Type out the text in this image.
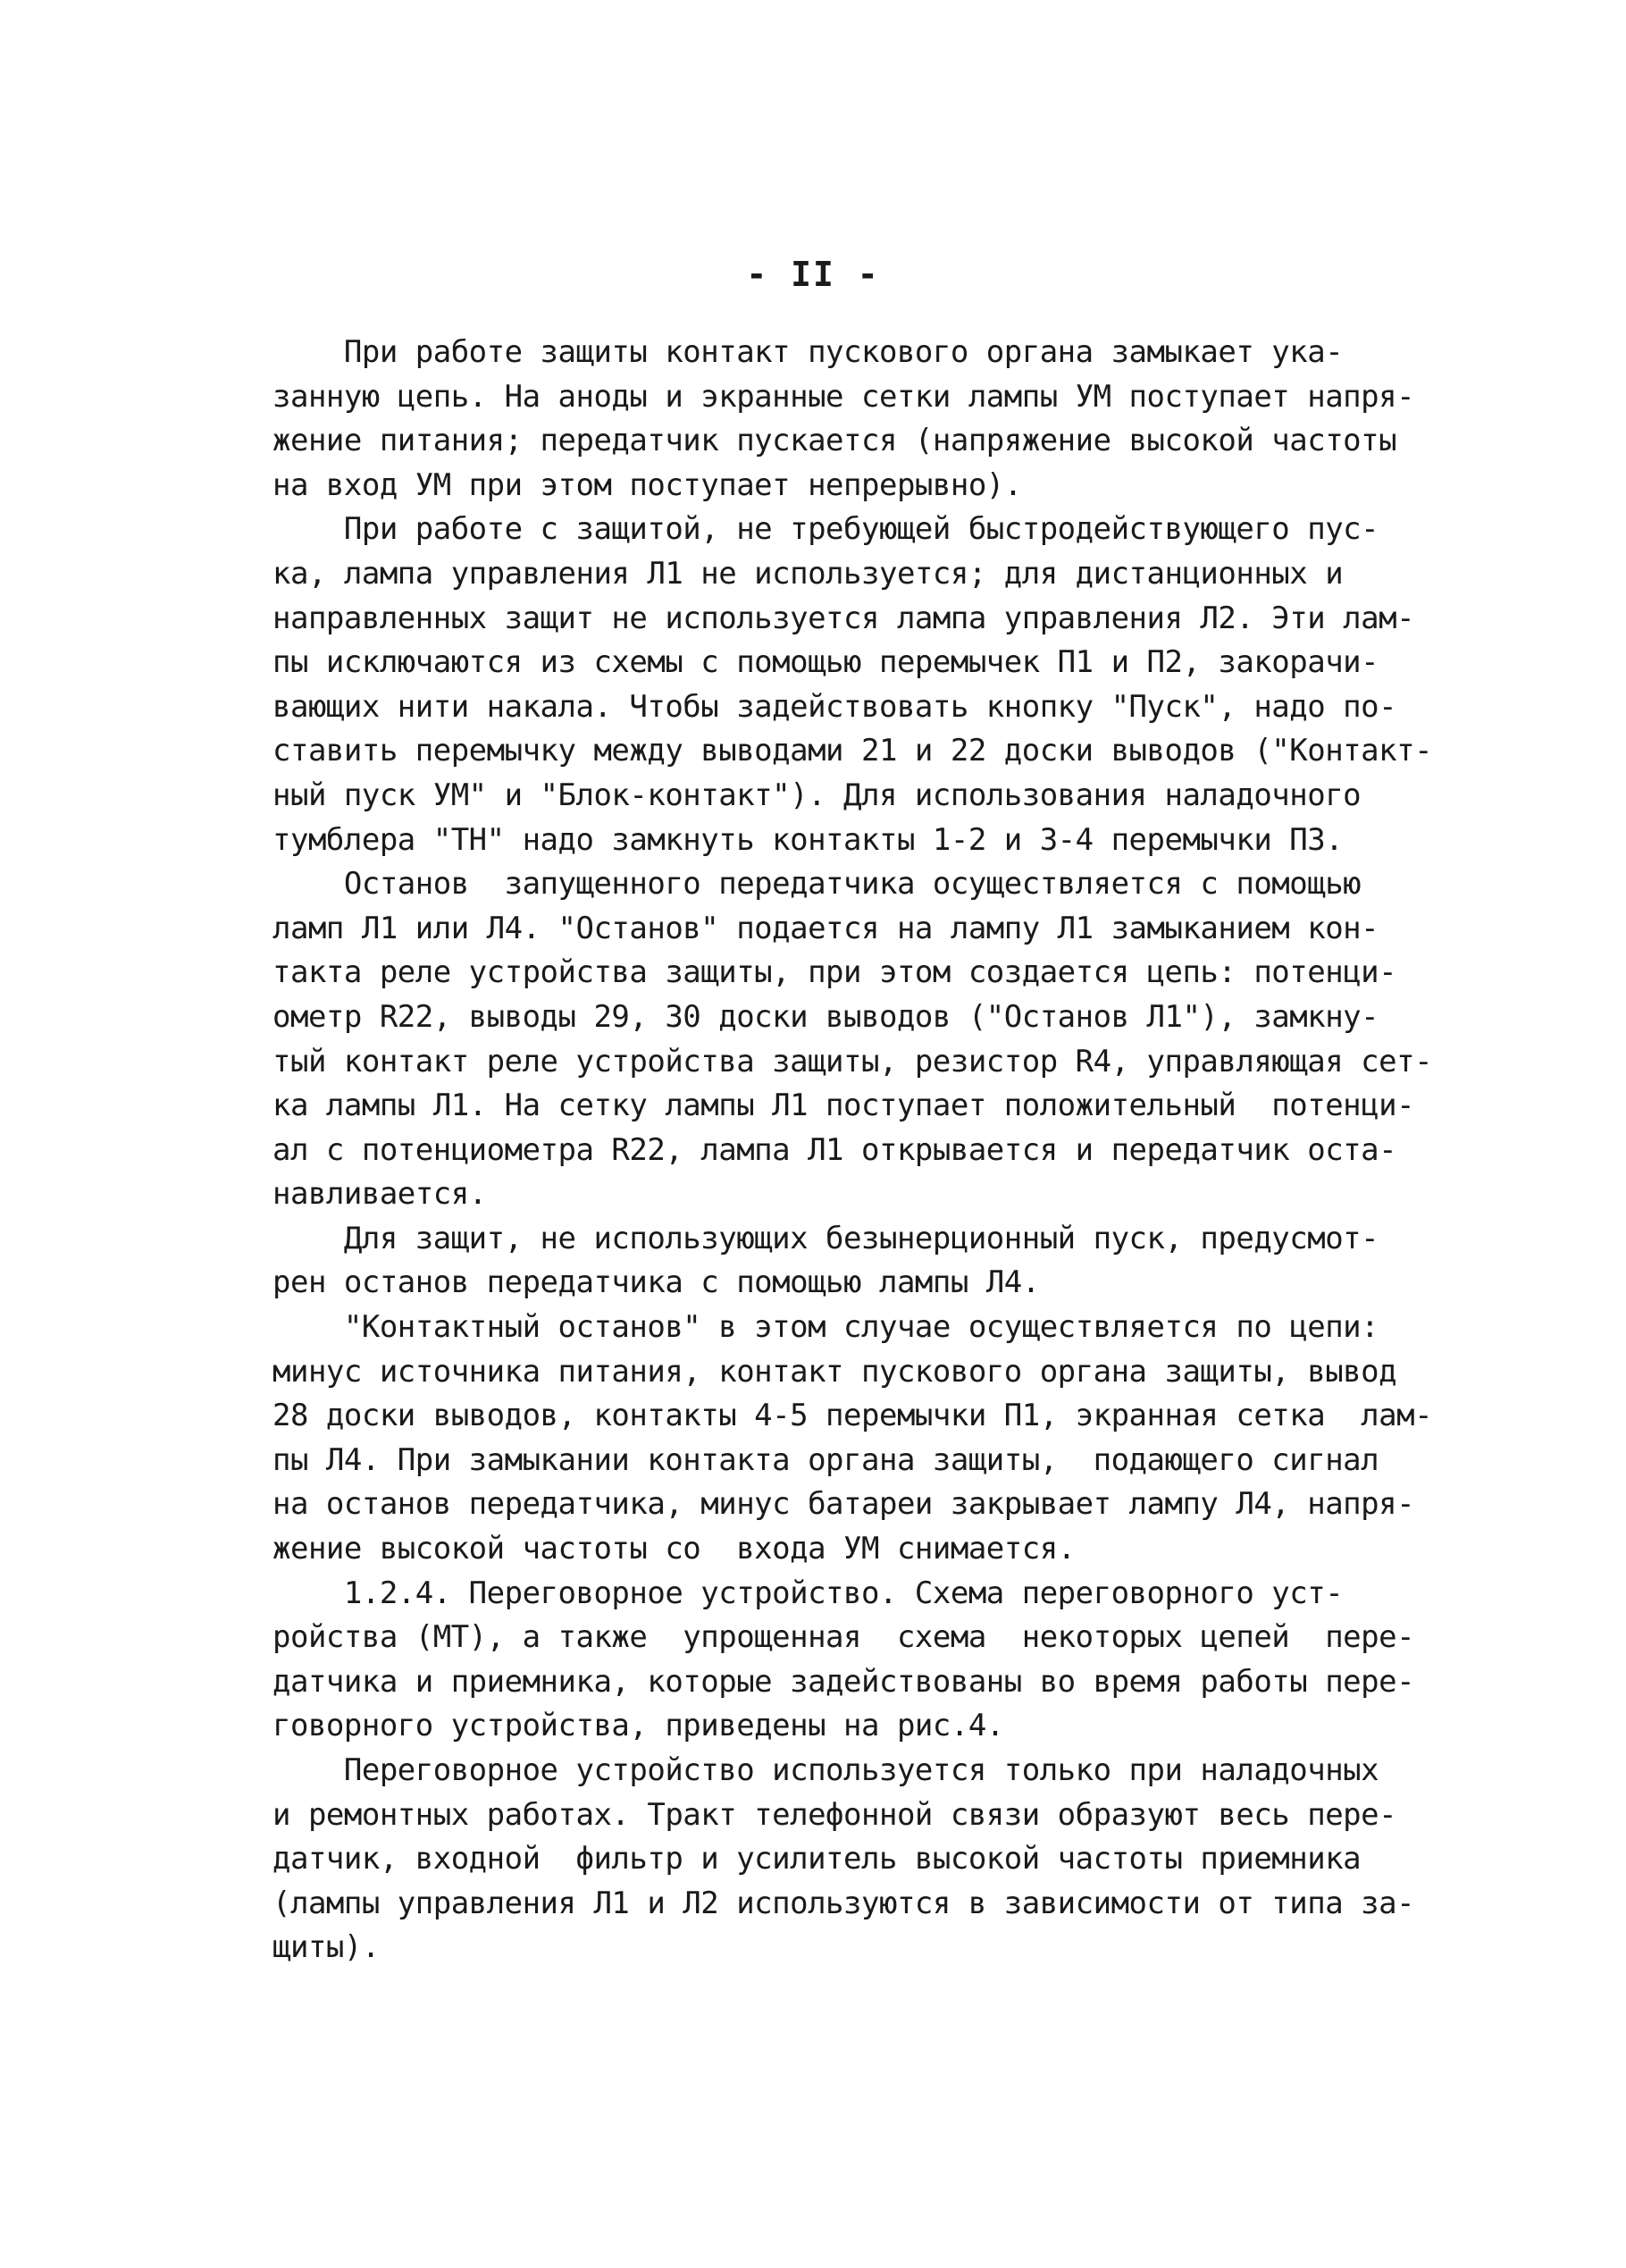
- II -
При работе защиты контакт пускового органа замыкает ука-
занную цепь. На аноды и экранные сетки лампы УМ поступает напря-
жение питания; передатчик пускается (напряжение высокой частоты
на вход УМ при этом поступает непрерывно).
При работе с защитой, не требующей быстродействующего пус-
ка, лампа управления Л1 не используется; для дистанционных и
направленных защит не используется лампа управления Л2. Эти лам-
пы исключаются из схемы с помощью перемычек П1 и П2, закорачи-
вающих нити накала. Чтобы задействовать кнопку "Пуск", надо по-
ставить перемычку между выводами 21 и 22 доски выводов ("Контакт-
ный пуск УМ" и "Блок-контакт"). Для использования наладочного
тумблера "ТН" надо замкнуть контакты 1-2 и 3-4 перемычки П3.
Останов  запущенного передатчика осуществляется с помощью
ламп Л1 или Л4. "Останов" подается на лампу Л1 замыканием кон-
такта реле устройства защиты, при этом создается цепь: потенци-
ометр R22, выводы 29, 30 доски выводов ("Останов Л1"), замкну-
тый контакт реле устройства защиты, резистор R4, управляющая сет-
ка лампы Л1. На сетку лампы Л1 поступает положительный  потенци-
ал с потенциометра R22, лампа Л1 открывается и передатчик оста-
навливается.
Для защит, не использующих безынерционный пуск, предусмот-
рен останов передатчика с помощью лампы Л4.
"Контактный останов" в этом случае осуществляется по цепи:
минус источника питания, контакт пускового органа защиты, вывод
28 доски выводов, контакты 4-5 перемычки П1, экранная сетка  лам-
пы Л4. При замыкании контакта органа защиты,  подающего сигнал
на останов передатчика, минус батареи закрывает лампу Л4, напря-
жение высокой частоты со  входа УМ снимается.
1.2.4. Переговорное устройство. Схема переговорного уст-
ройства (МТ), а также  упрощенная  схема  некоторых цепей  пере-
датчика и приемника, которые задействованы во время работы пере-
говорного устройства, приведены на рис.4.
Переговорное устройство используется только при наладочных
и ремонтных работах. Тракт телефонной связи образуют весь пере-
датчик, входной  фильтр и усилитель высокой частоты приемника
(лампы управления Л1 и Л2 используются в зависимости от типа за-
щиты).
